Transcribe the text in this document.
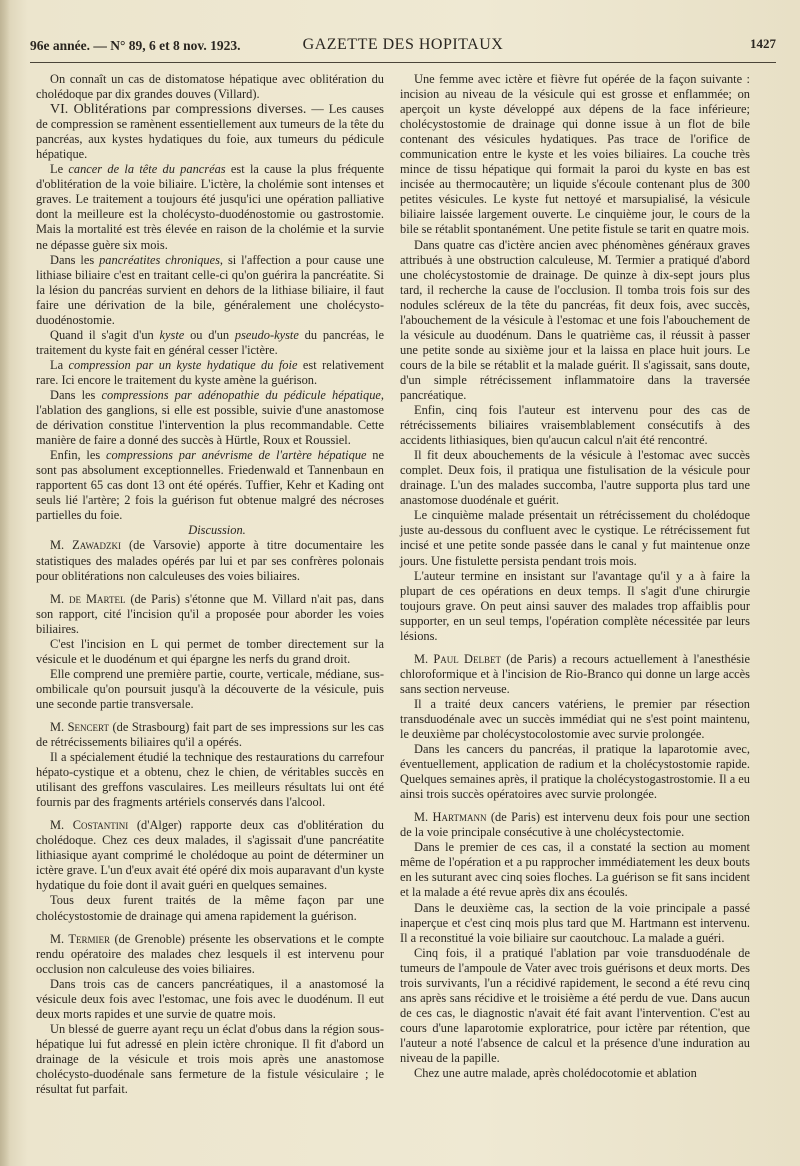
96e année. — N° 89, 6 et 8 nov. 1923.	GAZETTE DES HOPITAUX	1427

On connaît un cas de distomatose hépatique avec oblitération du cholédoque par dix grandes douves (Villard).

VI. Oblitérations par compressions diverses. — Les causes de compression se ramènent essentiellement aux tumeurs de la tête du pancréas, aux kystes hydatiques du foie, aux tumeurs du pédicule hépatique.

Le cancer de la tête du pancréas est la cause la plus fréquente d'oblitération de la voie biliaire. L'ictère, la cholémie sont intenses et graves. Le traitement a toujours été jusqu'ici une opération palliative dont la meilleure est la cholécysto-duodénostomie ou gastrostomie. Mais la mortalité est très élevée en raison de la cholémie et la survie ne dépasse guère six mois.

Dans les pancréatites chroniques, si l'affection a pour cause une lithiase biliaire c'est en traitant celle-ci qu'on guérira la pancréatite. Si la lésion du pancréas survient en dehors de la lithiase biliaire, il faut faire une dérivation de la bile, généralement une cholécysto-duodénostomie.

Quand il s'agit d'un kyste ou d'un pseudo-kyste du pancréas, le traitement du kyste fait en général cesser l'ictère.

La compression par un kyste hydatique du foie est relativement rare. Ici encore le traitement du kyste amène la guérison.

Dans les compressions par adénopathie du pédicule hépatique, l'ablation des ganglions, si elle est possible, suivie d'une anastomose de dérivation constitue l'intervention la plus recommandable. Cette manière de faire a donné des succès à Hürtle, Roux et Roussiel.

Enfin, les compressions par anévrisme de l'artère hépatique ne sont pas absolument exceptionnelles. Friedenwald et Tannenbaun en rapportent 65 cas dont 13 ont été opérés. Tuffier, Kehr et Kading ont seuls lié l'artère; 2 fois la guérison fut obtenue malgré des nécroses partielles du foie.

Discussion.

M. Zawadzki (de Varsovie) apporte à titre documentaire les statistiques des malades opérés par lui et par ses confrères polonais pour oblitérations non calculeuses des voies biliaires.

M. de Martel (de Paris) s'étonne que M. Villard n'ait pas, dans son rapport, cité l'incision qu'il a proposée pour aborder les voies biliaires.

C'est l'incision en L qui permet de tomber directement sur la vésicule et le duodénum et qui épargne les nerfs du grand droit.

Elle comprend une première partie, courte, verticale, médiane, sus-ombilicale qu'on poursuit jusqu'à la découverte de la vésicule, puis une seconde partie transversale.

M. Sencert (de Strasbourg) fait part de ses impressions sur les cas de rétrécissements biliaires qu'il a opérés.

Il a spécialement étudié la technique des restaurations du carrefour hépato-cystique et a obtenu, chez le chien, de véritables succès en utilisant des greffons vasculaires. Les meilleurs résultats lui ont été fournis par des fragments artériels conservés dans l'alcool.

M. Costantini (d'Alger) rapporte deux cas d'oblitération du cholédoque. Chez ces deux malades, il s'agissait d'une pancréatite lithiasique ayant comprimé le cholédoque au point de déterminer un ictère grave. L'un d'eux avait été opéré dix mois auparavant d'un kyste hydatique du foie dont il avait guéri en quelques semaines.

Tous deux furent traités de la même façon par une cholécystostomie de drainage qui amena rapidement la guérison.

M. Termier (de Grenoble) présente les observations et le compte rendu opératoire des malades chez lesquels il est intervenu pour occlusion non calculeuse des voies biliaires.

Dans trois cas de cancers pancréatiques, il a anastomosé la vésicule deux fois avec l'estomac, une fois avec le duodénum. Il eut deux morts rapides et une survie de quatre mois.

Un blessé de guerre ayant reçu un éclat d'obus dans la région sous-hépatique lui fut adressé en plein ictère chronique. Il fit d'abord un drainage de la vésicule et trois mois après une anastomose cholécysto-duodénale sans fermeture de la fistule vésiculaire ; le résultat fut parfait.

Une femme avec ictère et fièvre fut opérée de la façon suivante : incision au niveau de la vésicule qui est grosse et enflammée; on aperçoit un kyste développé aux dépens de la face inférieure; cholécystostomie de drainage qui donne issue à un flot de bile contenant des vésicules hydatiques. Pas trace de l'orifice de communication entre le kyste et les voies biliaires. La couche très mince de tissu hépatique qui formait la paroi du kyste en bas est incisée au thermocautère; un liquide s'écoule contenant plus de 300 petites vésicules. Le kyste fut nettoyé et marsupialisé, la vésicule biliaire laissée largement ouverte. Le cinquième jour, le cours de la bile se rétablit spontanément. Une petite fistule se tarit en quatre mois.

Dans quatre cas d'ictère ancien avec phénomènes généraux graves attribués à une obstruction calculeuse, M. Termier a pratiqué d'abord une cholécystostomie de drainage. De quinze à dix-sept jours plus tard, il recherche la cause de l'occlusion. Il tomba trois fois sur des nodules scléreux de la tête du pancréas, fit deux fois, avec succès, l'abouchement de la vésicule à l'estomac et une fois l'abouchement de la vésicule au duodénum. Dans le quatrième cas, il réussit à passer une petite sonde au sixième jour et la laissa en place huit jours. Le cours de la bile se rétablit et la malade guérit. Il s'agissait, sans doute, d'un simple rétrécissement inflammatoire dans la traversée pancréatique.

Enfin, cinq fois l'auteur est intervenu pour des cas de rétrécissements biliaires vraisemblablement consécutifs à des accidents lithiasiques, bien qu'aucun calcul n'ait été rencontré.

Il fit deux abouchements de la vésicule à l'estomac avec succès complet. Deux fois, il pratiqua une fistulisation de la vésicule pour drainage. L'un des malades succomba, l'autre supporta plus tard une anastomose duodénale et guérit.

Le cinquième malade présentait un rétrécissement du cholédoque juste au-dessous du confluent avec le cystique. Le rétrécissement fut incisé et une petite sonde passée dans le canal y fut maintenue onze jours. Une fistulette persista pendant trois mois.

L'auteur termine en insistant sur l'avantage qu'il y a à faire la plupart de ces opérations en deux temps. Il s'agit d'une chirurgie toujours grave. On peut ainsi sauver des malades trop affaiblis pour supporter, en un seul temps, l'opération complète nécessitée par leurs lésions.

M. Paul Delbet (de Paris) a recours actuellement à l'anesthésie chloroformique et à l'incision de Rio-Branco qui donne un large accès sans section nerveuse.

Il a traité deux cancers vatériens, le premier par résection transduodénale avec un succès immédiat qui ne s'est point maintenu, le deuxième par cholécystocolostomie avec survie prolongée.

Dans les cancers du pancréas, il pratique la laparotomie avec, éventuellement, application de radium et la cholécystostomie rapide. Quelques semaines après, il pratique la cholécystogastrostomie. Il a eu ainsi trois succès opératoires avec survie prolongée.

M. Hartmann (de Paris) est intervenu deux fois pour une section de la voie principale consécutive à une cholécystectomie.

Dans le premier de ces cas, il a constaté la section au moment même de l'opération et a pu rapprocher immédiatement les deux bouts en les suturant avec cinq soies floches. La guérison se fit sans incident et la malade a été revue après dix ans écoulés.

Dans le deuxième cas, la section de la voie principale a passé inaperçue et c'est cinq mois plus tard que M. Hartmann est intervenu. Il a reconstitué la voie biliaire sur caoutchouc. La malade a guéri.

Cinq fois, il a pratiqué l'ablation par voie transduodénale de tumeurs de l'ampoule de Vater avec trois guérisons et deux morts. Des trois survivants, l'un a récidivé rapidement, le second a été revu cinq ans après sans récidive et le troisième a été perdu de vue. Dans aucun de ces cas, le diagnostic n'avait été fait avant l'intervention. C'est au cours d'une laparotomie exploratrice, pour ictère par rétention, que l'auteur a noté l'absence de calcul et la présence d'une induration au niveau de la papille.

Chez une autre malade, après cholédocotomie et ablation
